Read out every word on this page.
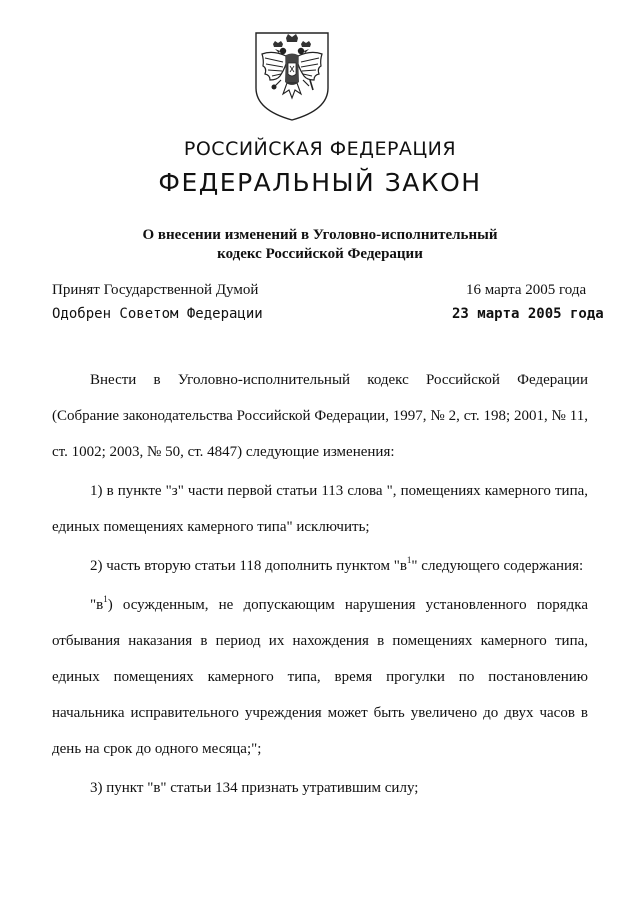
РОССИЙСКАЯ ФЕДЕРАЦИЯ
ФЕДЕРАЛЬНЫЙ ЗАКОН
О внесении изменений в Уголовно-исполнительный
кодекс Российской Федерации
Принят Государственной Думой	16 марта 2005 года
Одобрен Советом Федерации	23 марта 2005 года

Внести в Уголовно-исполнительный кодекс Российской Федерации (Собрание законодательства Российской Федерации, 1997, № 2, ст. 198; 2001, № 11, ст. 1002; 2003, № 50, ст. 4847) следующие изменения:

1) в пункте "з" части первой статьи 113 слова ", помещениях камерного типа, единых помещениях камерного типа" исключить;

2) часть вторую статьи 118 дополнить пунктом "$в^1$" следующего содержания:

"$в^1$) осужденным, не допускающим нарушения установленного порядка отбывания наказания в период их нахождения в помещениях камерного типа, единых помещениях камерного типа, время прогулки по постановлению начальника исправительного учреждения может быть увеличено до двух часов в день на срок до одного месяца;";

3) пункт "в" статьи 134 признать утратившим силу;
